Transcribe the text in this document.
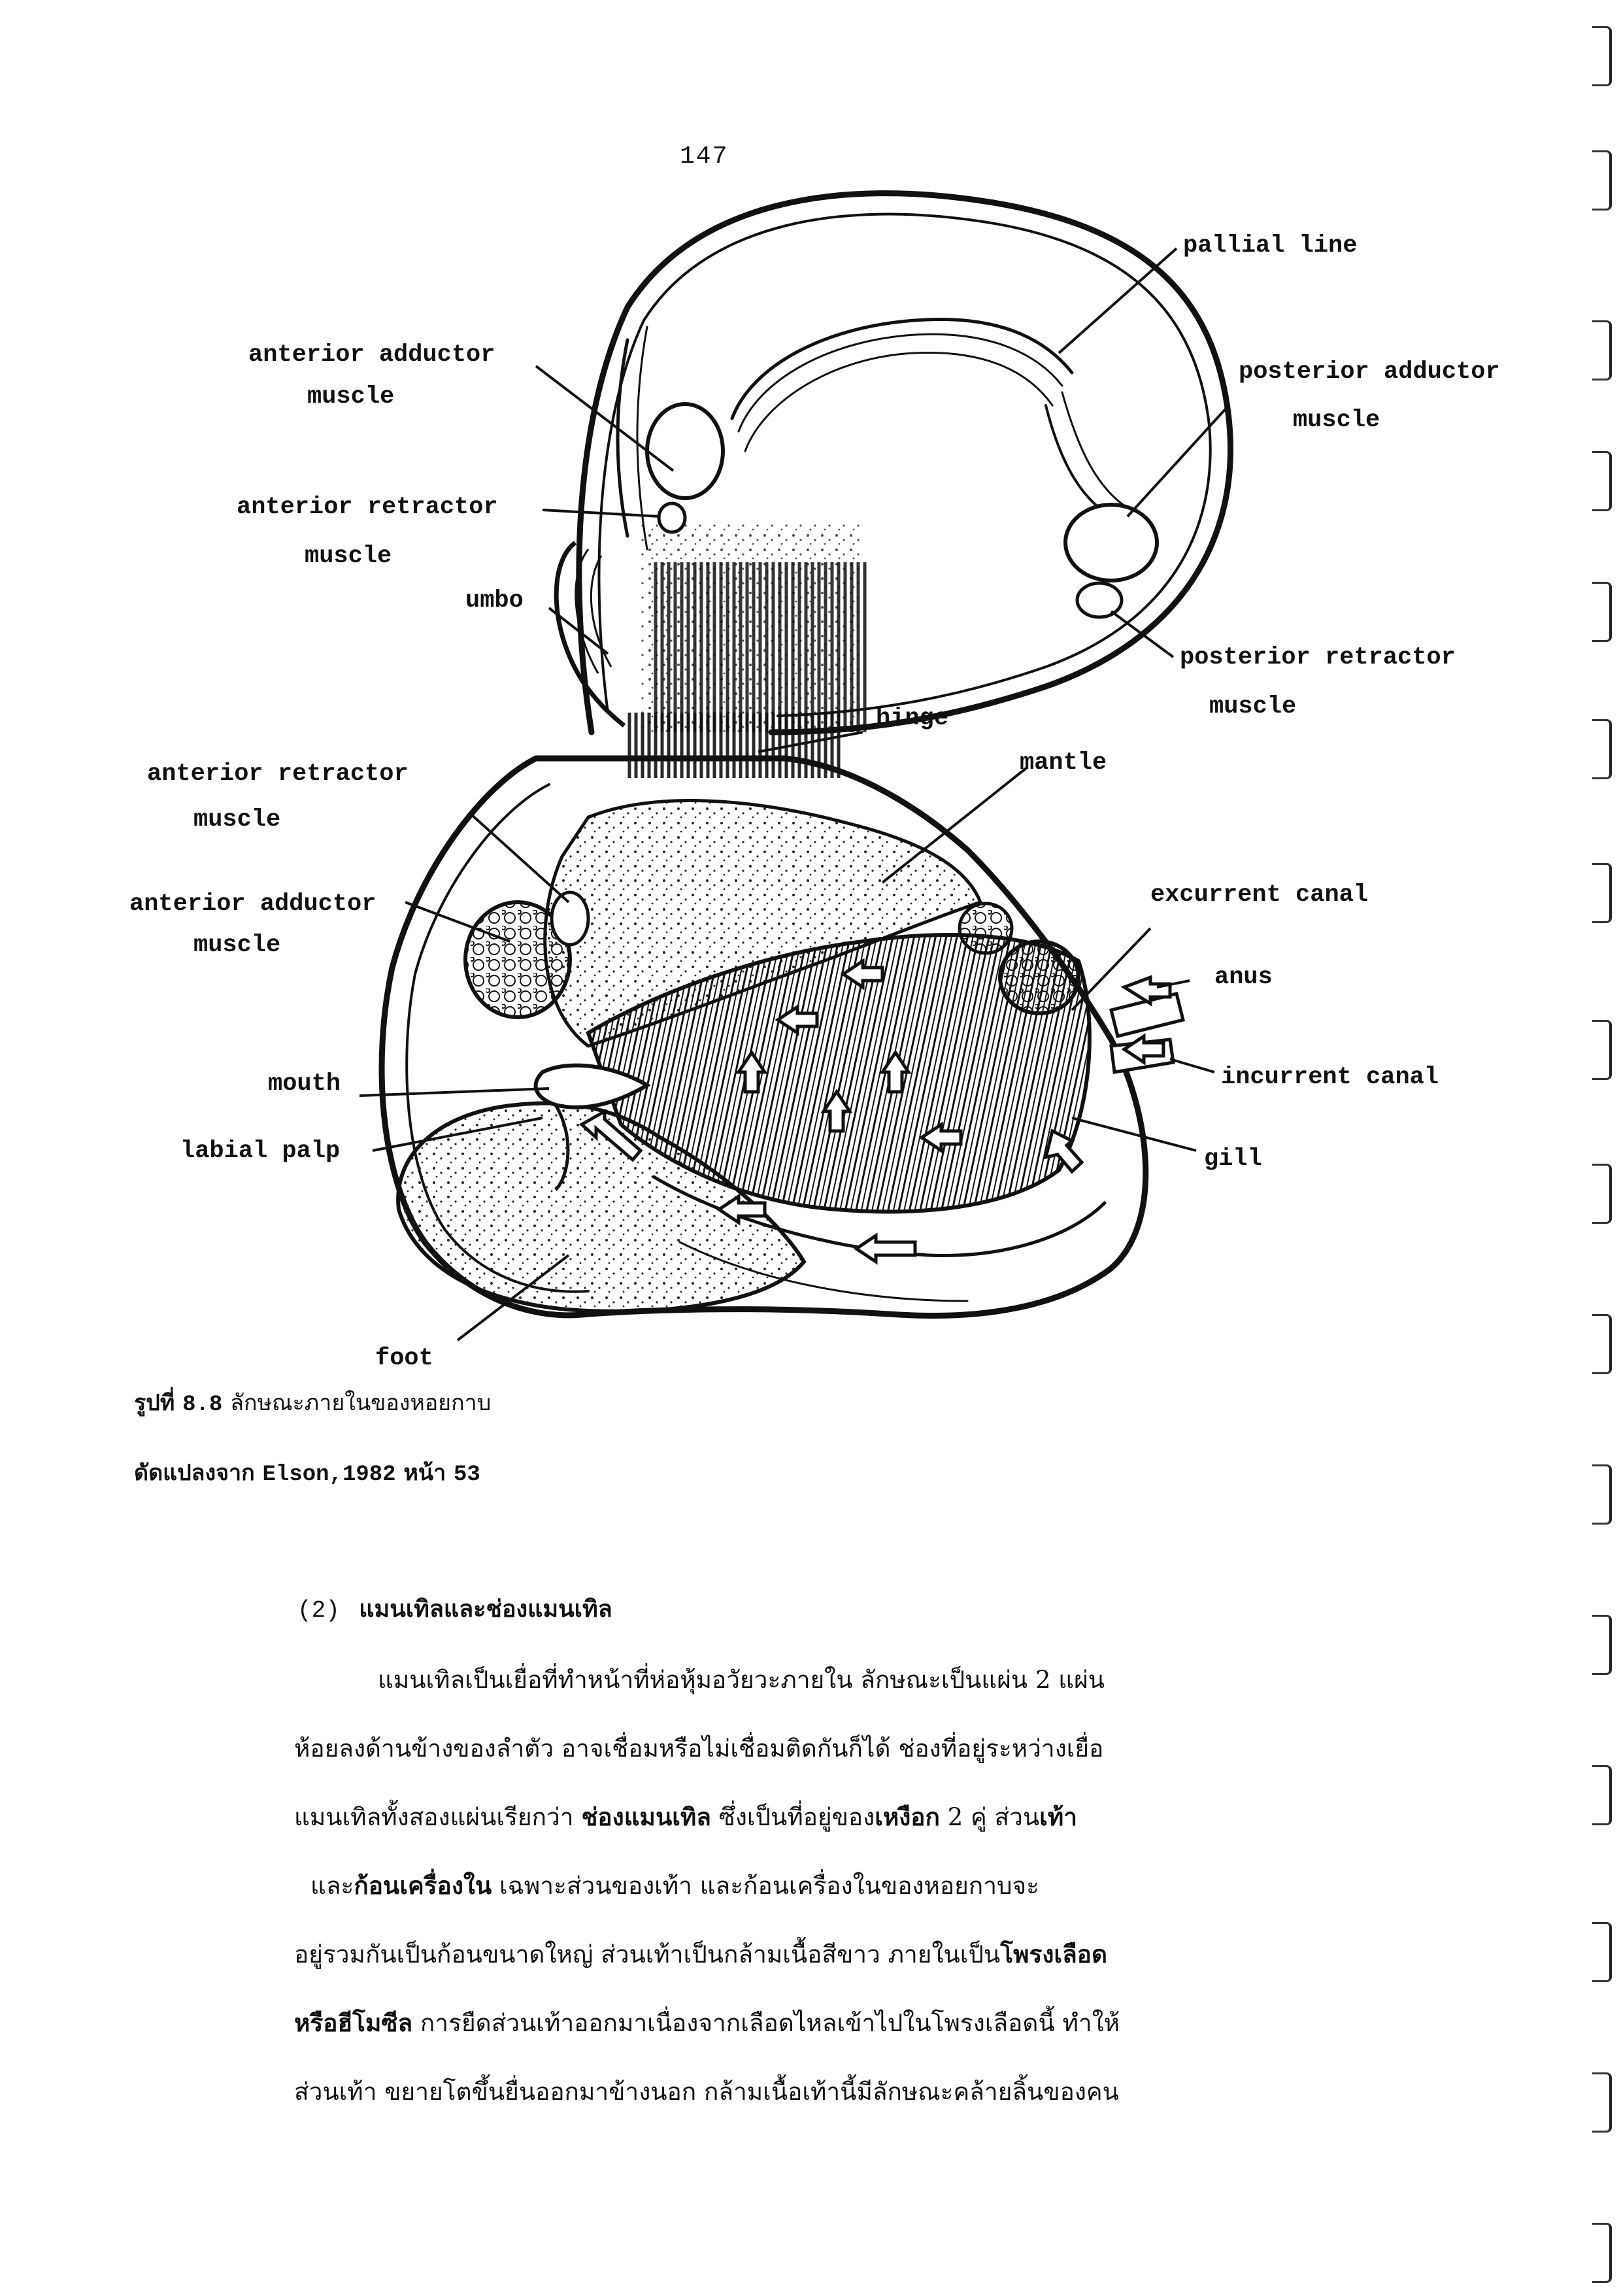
147
pallial line
posterior adductor
muscle
anterior adductor
muscle
anterior retractor
muscle
umbo
posterior retractor
muscle
hinge
mantle
anterior retractor
muscle
excurrent canal
anterior adductor
muscle
anus
incurrent canal
mouth
labial palp	gill
foot
รูปที่ 8.8 ลักษณะภายในของหอยกาบ
ดัดแปลงจาก Elson,1982 หน้า 53
(2) แมนเทิลและช่องแมนเทิล
แมนเทิลเป็นเยื่อที่ทำหน้าที่ห่อหุ้มอวัยวะภายใน ลักษณะเป็นแผ่น 2 แผ่น
ห้อยลงด้านข้างของลำตัว อาจเชื่อมหรือไม่เชื่อมติดกันก็ได้ ช่องที่อยู่ระหว่างเยื่อ
แมนเทิลทั้งสองแผ่นเรียกว่า ช่องแมนเทิล ซึ่งเป็นที่อยู่ของเหงือก 2 คู่ ส่วนเท้า
และก้อนเครื่องใน เฉพาะส่วนของเท้า และก้อนเครื่องในของหอยกาบจะ
อยู่รวมกันเป็นก้อนขนาดใหญ่ ส่วนเท้าเป็นกล้ามเนื้อสีขาว ภายในเป็นโพรงเลือด
หรือฮีโมซีล การยืดส่วนเท้าออกมาเนื่องจากเลือดไหลเข้าไปในโพรงเลือดนี้ ทำให้
ส่วนเท้า ขยายโตขึ้นยื่นออกมาข้างนอก กล้ามเนื้อเท้านี้มีลักษณะคล้ายลิ้นของคน
